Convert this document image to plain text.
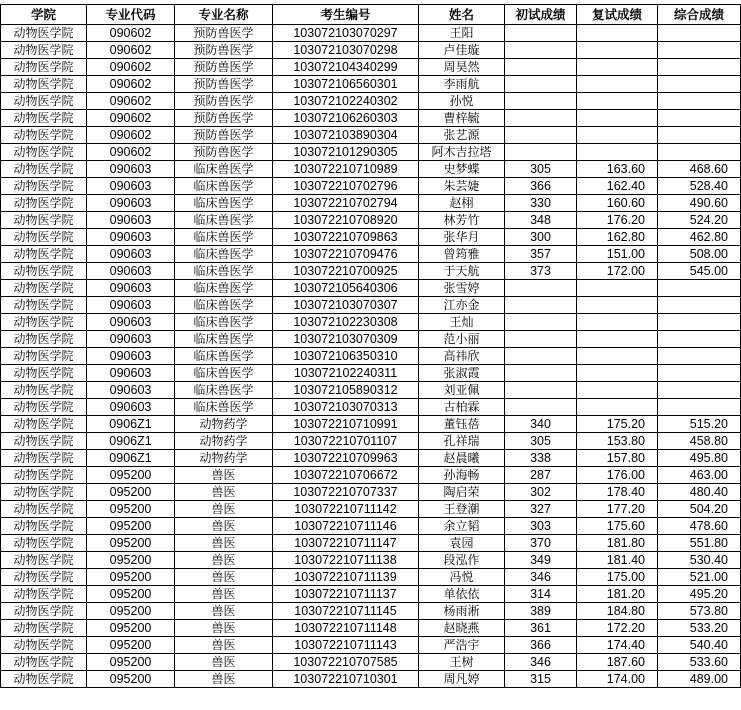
学院	专业代码	专业名称	考生编号	姓名	初试成绩	复试成绩	综合成绩
动物医学院	090602	预防兽医学	103072103070297	王阳			
动物医学院	090602	预防兽医学	103072103070298	卢佳璇			
动物医学院	090602	预防兽医学	103072104340299	周昊然			
动物医学院	090602	预防兽医学	103072106560301	李雨航			
动物医学院	090602	预防兽医学	103072102240302	孙悦			
动物医学院	090602	预防兽医学	103072106260303	曹梓毓			
动物医学院	090602	预防兽医学	103072103890304	张艺源			
动物医学院	090602	预防兽医学	103072101290305	阿木吉拉塔			
动物医学院	090603	临床兽医学	103072210710989	史梦蝶	305	163.60	468.60
动物医学院	090603	临床兽医学	103072210702796	朱芸婕	366	162.40	528.40
动物医学院	090603	临床兽医学	103072210702794	赵栩	330	160.60	490.60
动物医学院	090603	临床兽医学	103072210708920	林芳竹	348	176.20	524.20
动物医学院	090603	临床兽医学	103072210709863	张华月	300	162.80	462.80
动物医学院	090603	临床兽医学	103072210709476	曾筠雅	357	151.00	508.00
动物医学院	090603	临床兽医学	103072210700925	于天航	373	172.00	545.00
动物医学院	090603	临床兽医学	103072105640306	张雪婷			
动物医学院	090603	临床兽医学	103072103070307	江亦金			
动物医学院	090603	临床兽医学	103072102230308	王灿			
动物医学院	090603	临床兽医学	103072103070309	范小丽			
动物医学院	090603	临床兽医学	103072106350310	高祎欣			
动物医学院	090603	临床兽医学	103072102240311	张淑霞			
动物医学院	090603	临床兽医学	103072105890312	刘亚佩			
动物医学院	090603	临床兽医学	103072103070313	古柏霖			
动物医学院	0906Z1	动物药学	103072210710991	董钰蓓	340	175.20	515.20
动物医学院	0906Z1	动物药学	103072210701107	孔祥瑞	305	153.80	458.80
动物医学院	0906Z1	动物药学	103072210709963	赵晨曦	338	157.80	495.80
动物医学院	095200	兽医	103072210706672	孙海畅	287	176.00	463.00
动物医学院	095200	兽医	103072210707337	陶启荣	302	178.40	480.40
动物医学院	095200	兽医	103072210711142	王登潮	327	177.20	504.20
动物医学院	095200	兽医	103072210711146	余立韬	303	175.60	478.60
动物医学院	095200	兽医	103072210711147	袁园	370	181.80	551.80
动物医学院	095200	兽医	103072210711138	段泓作	349	181.40	530.40
动物医学院	095200	兽医	103072210711139	冯悦	346	175.00	521.00
动物医学院	095200	兽医	103072210711137	单依依	314	181.20	495.20
动物医学院	095200	兽医	103072210711145	杨雨淅	389	184.80	573.80
动物医学院	095200	兽医	103072210711148	赵晓燕	361	172.20	533.20
动物医学院	095200	兽医	103072210711143	严浩宇	366	174.40	540.40
动物医学院	095200	兽医	103072210707585	王树	346	187.60	533.60
动物医学院	095200	兽医	103072210710301	周凡婷	315	174.00	489.00
